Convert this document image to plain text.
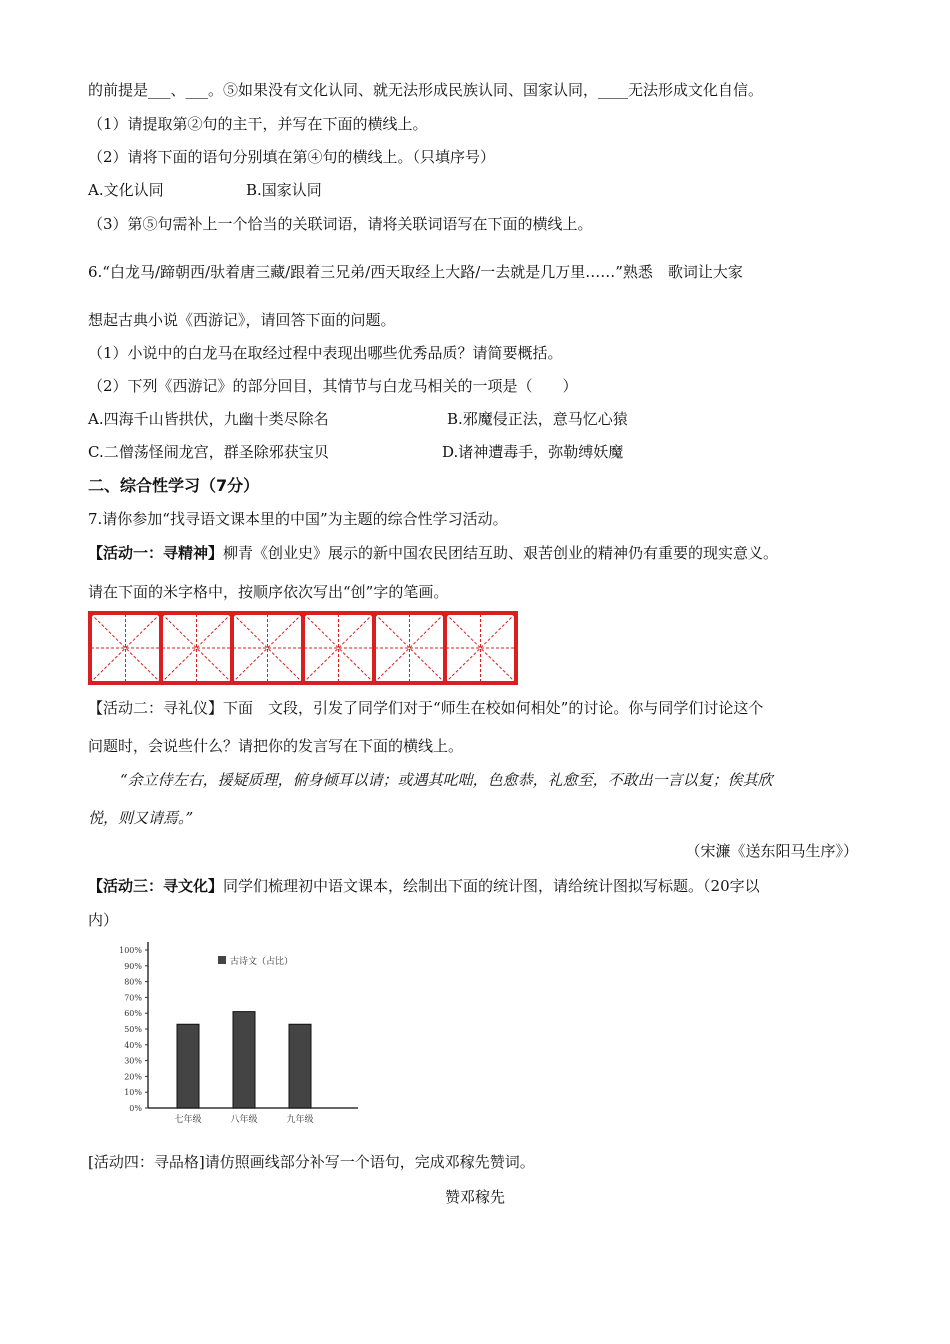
的前提是___、___。⑤如果没有文化认同、就无法形成民族认同、国家认同，____无法形成文化自信。
（1）请提取第②句的主干，并写在下面的横线上。
（2）请将下面的语句分别填在第④句的横线上。（只填序号）
A.文化认同	B.国家认同
（3）第⑤句需补上一个恰当的关联词语，请将关联词语写在下面的横线上。
6.“白龙马/蹄朝西/驮着唐三藏/跟着三兄弟/西天取经上大路/一去就是几万里……”熟悉　歌词让大家
想起古典小说《西游记》，请回答下面的问题。
（1）小说中的白龙马在取经过程中表现出哪些优秀品质？请简要概括。
（2）下列《西游记》的部分回目，其情节与白龙马相关的一项是（　　）
A.四海千山皆拱伏，九幽十类尽除名	B.邪魔侵正法，意马忆心猿
C.二僧荡怪闹龙宫，群圣除邪获宝贝	D.诸神遭毒手，弥勒缚妖魔
二、综合性学习（7分）
7.请你参加“找寻语文课本里的中国”为主题的综合性学习活动。
【活动一：寻精神】柳青《创业史》展示的新中国农民团结互助、艰苦创业的精神仍有重要的现实意义。
请在下面的米字格中，按顺序依次写出“创”字的笔画。
【活动二：寻礼仪】下面　文段，引发了同学们对于“师生在校如何相处”的讨论。你与同学们讨论这个
问题时，会说些什么？请把你的发言写在下面的横线上。
“余立侍左右，援疑质理，俯身倾耳以请；或遇其叱咄，色愈恭，礼愈至，不敢出一言以复；俟其欣
悦，则又请焉。”
（宋濂《送东阳马生序》）
【活动三：寻文化】同学们梳理初中语文课本，绘制出下面的统计图，请给统计图拟写标题。（20字以
内）
0%
10%
20%
30%
40%
50%
60%
70%
80%
90%
100%
七年级	八年级	九年级
古诗文（占比）
[活动四：寻品格]请仿照画线部分补写一个语句，完成邓稼先赞词。
赞邓稼先
